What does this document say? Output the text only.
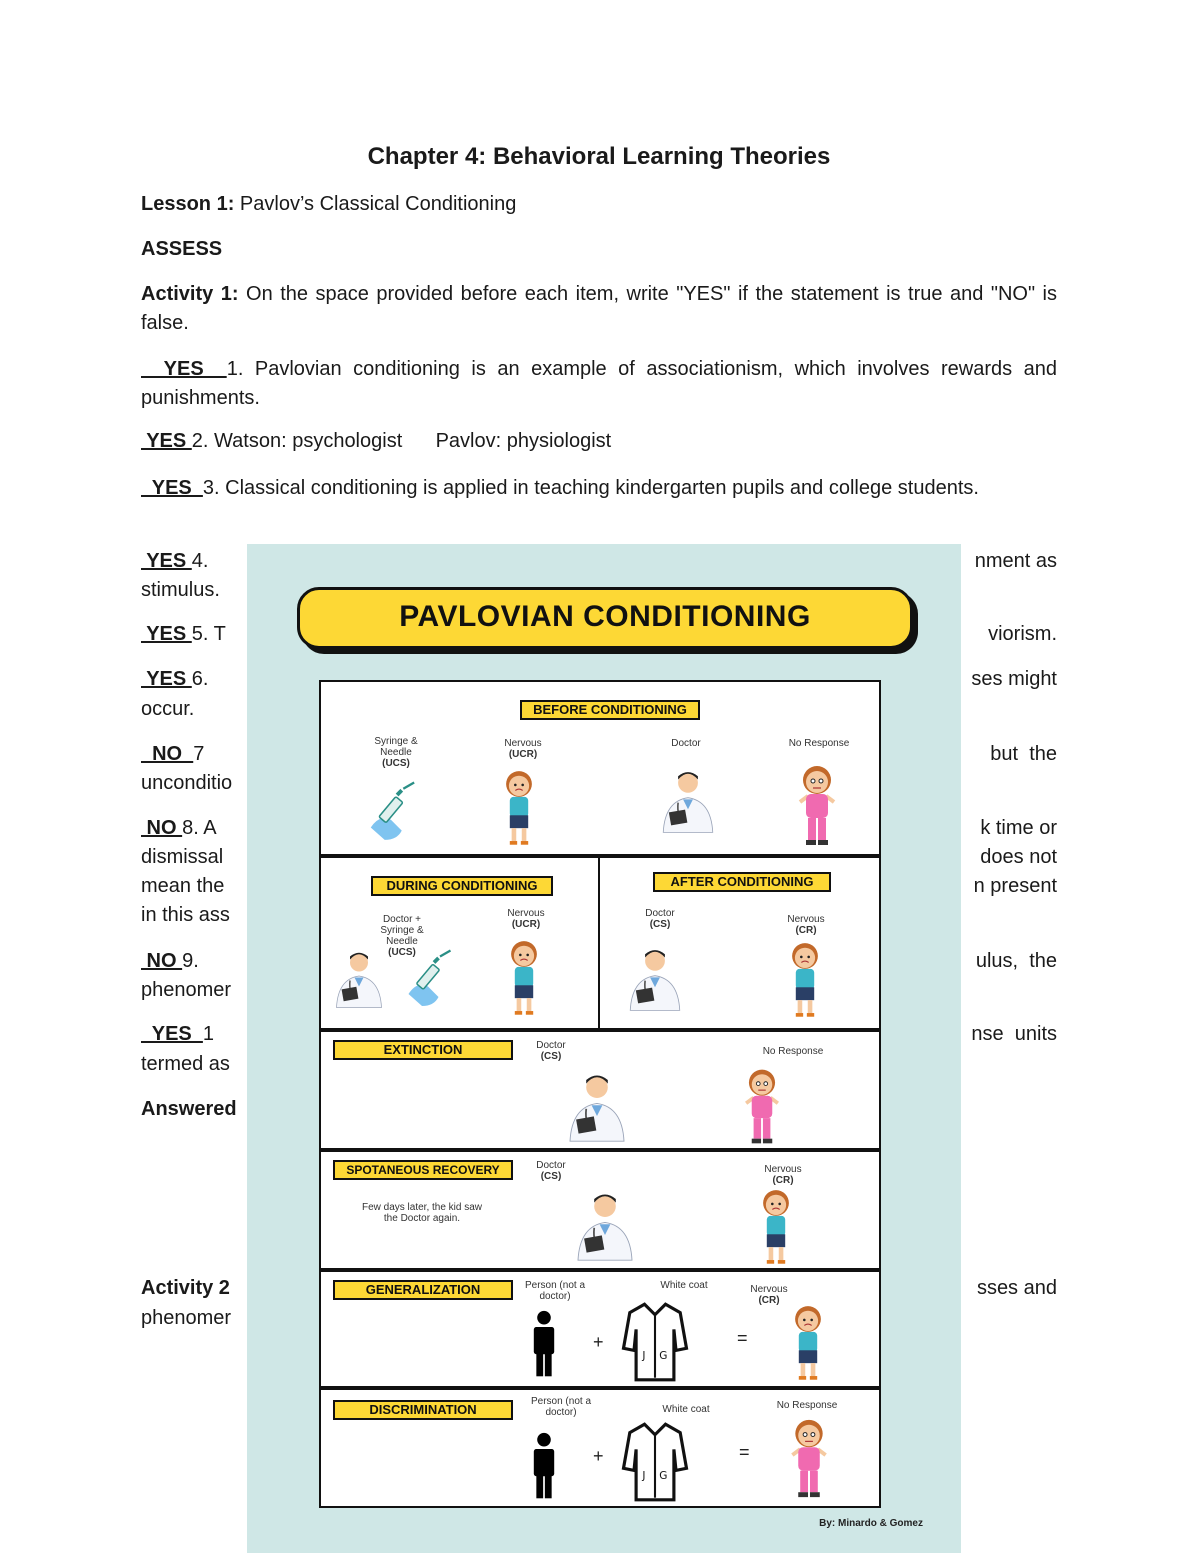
Chapter 4: Behavioral Learning Theories
Lesson 1: Pavlov’s Classical Conditioning
ASSESS
Activity 1: On the space provided before each item, write "YES" if the statement is true and "NO" is false.
YES  1. Pavlovian conditioning is an example of associationism, which involves rewards and punishments.
YES 2. Watson: psychologist      Pavlov: physiologist
YES  3. Classical conditioning is applied in teaching kindergarten pupils and college students.
YES 4.	nment as
stimulus.
YES 5. T	viorism.
YES 6.	ses might
occur.
NO  7	but  the
unconditio
NO 8. A	k time or
dismissal	does not
mean the	n present
in this ass
NO 9.	ulus,  the
phenomer
YES  1	nse  units
termed as
Answered
Activity 2	sses and
phenomer
PAVLOVIAN CONDITIONING
BEFORE CONDITIONING
Syringe &
Needle
(UCS)
Nervous
(UCR)
Doctor	No Response
DURING CONDITIONING
Doctor +
Syringe &
Needle
(UCS)
Nervous
(UCR)
AFTER CONDITIONING
Doctor
(CS)	Nervous
(CR)
EXTINCTION	Doctor
(CS)	No Response
SPOTANEOUS RECOVERY	Doctor
(CS)
Few days later, the kid saw
the Doctor again.
Nervous
(CR)
GENERALIZATION	Person (not a
doctor)
+
White coat
=
Nervous
(CR)
DISCRIMINATION
Person (not a
doctor)
+
White coat
=
No Response
By: Minardo & Gomez
